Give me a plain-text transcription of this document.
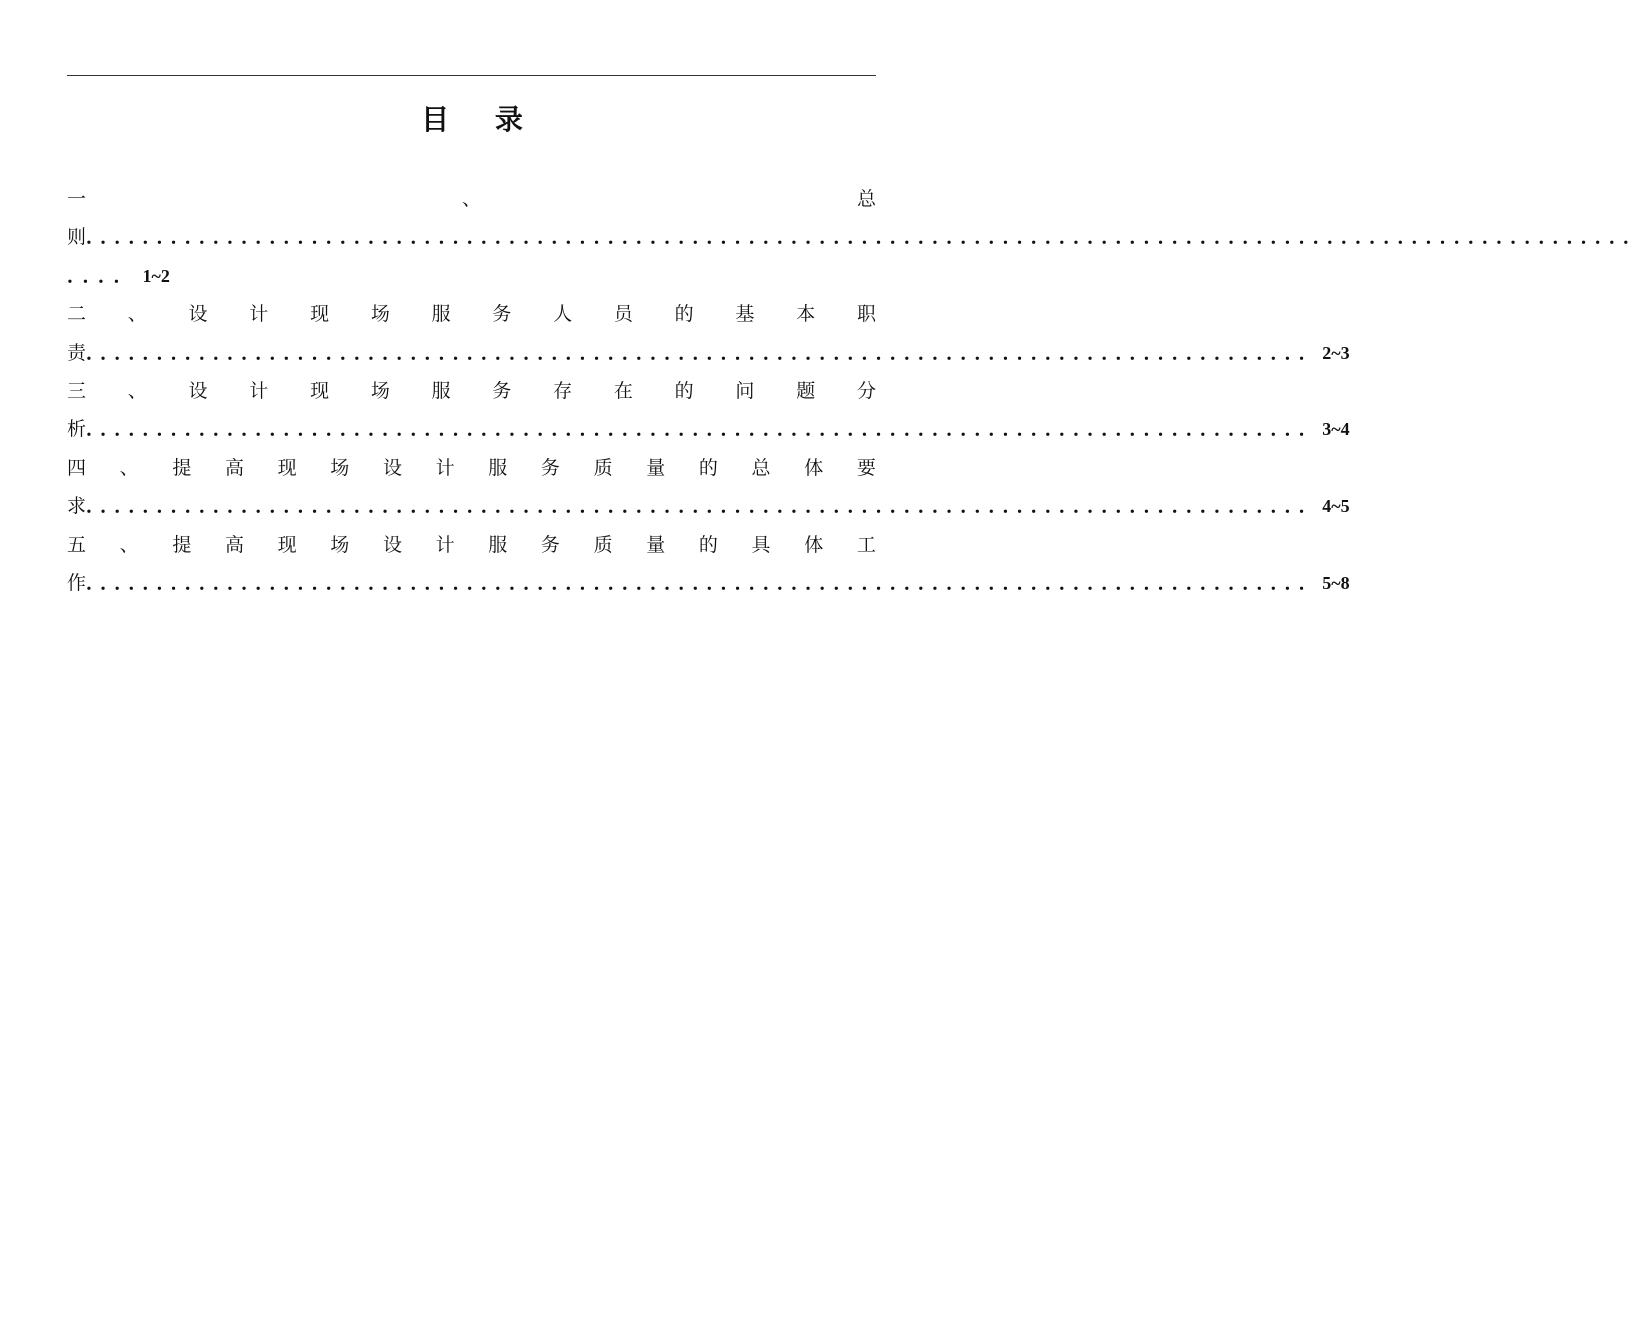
目 录
一	、	总
则．．．．．．．．．．．．．．．．．．．．．．．．．．．．．．．．．．．．．．．．．．．．．．．．．．．．．．．．．．．．．．．．．．．．．．．．．．．．．．．．．．．．．．．．．．．．．．．．．．．．．．．．．．．．．．
．．．． 1~2
二 、 设 计 现 场 服 务 人 员 的 基 本 职
责 ．．．．．．．．．．．．．．．．．．．．．．．．．．．．．．．．．．．．．．．．．．．．．．．．．．．．．．．．．．．．．．．．．．．．．．．．．．．．．．．．．．．．．．． 2~3
三 、 设 计 现 场 服 务 存 在 的 问 题 分
析 ．．．．．．．．．．．．．．．．．．．．．．．．．．．．．．．．．．．．．．．．．．．．．．．．．．．．．．．．．．．．．．．．．．．．．．．．．．．．．．．．．．．．．．． 3~4
四 、 提 高 现 场 设 计 服 务 质 量 的 总 体 要
求 ．．．．．．．．．．．．．．．．．．．．．．．．．．．．．．．．．．．．．．．．．．．．．．．．．．．．．．．．．．．．．．．．．．．．．．．．．．．．．．．．．．．．．．． 4~5
五 、 提 高 现 场 设 计 服 务 质 量 的 具 体 工
作 ．．．．．．．．．．．．．．．．．．．．．．．．．．．．．．．．．．．．．．．．．．．．．．．．．．．．．．．．．．．．．．．．．．．．．．．．．．．．．．．．．．．．．．． 5~8
